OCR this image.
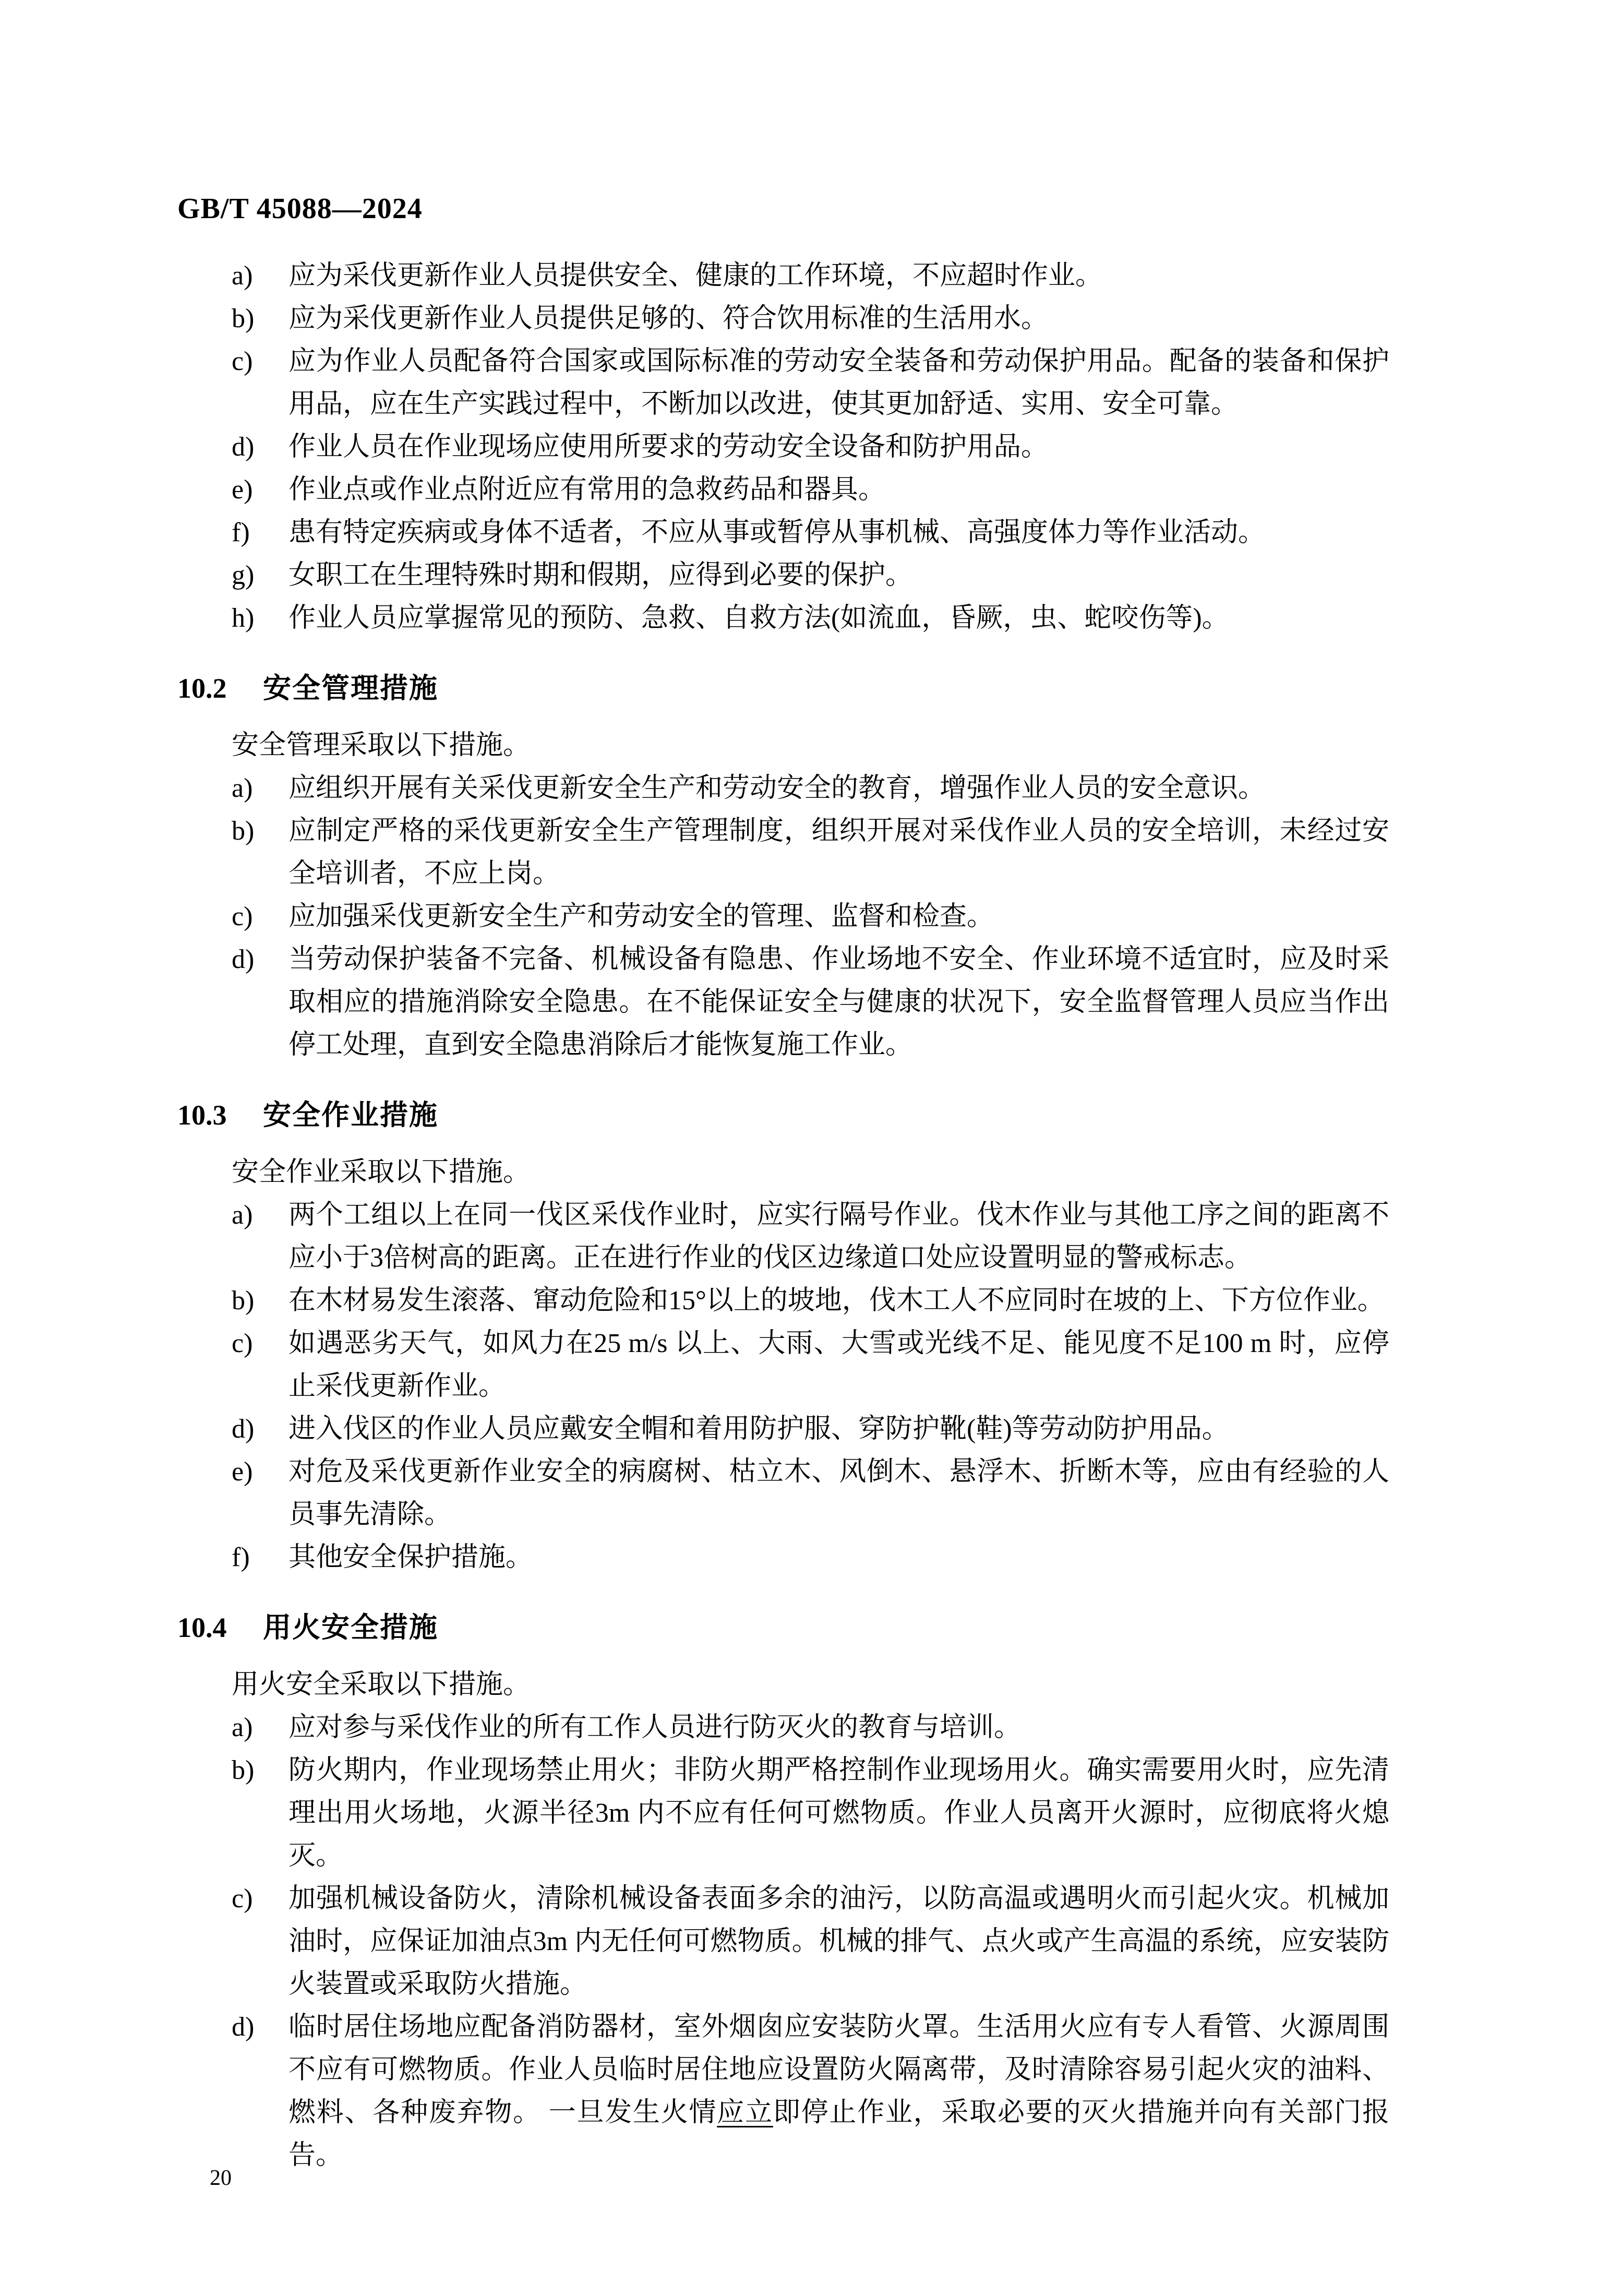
GB/T 45088—2024
a)	应为采伐更新作业人员提供安全、健康的工作环境，不应超时作业。
b)	应为采伐更新作业人员提供足够的、符合饮用标准的生活用水。
c)	应为作业人员配备符合国家或国际标准的劳动安全装备和劳动保护用品。配备的装备和保护用品，应在生产实践过程中，不断加以改进，使其更加舒适、实用、安全可靠。
d)	作业人员在作业现场应使用所要求的劳动安全设备和防护用品。
e)	作业点或作业点附近应有常用的急救药品和器具。
f)	患有特定疾病或身体不适者，不应从事或暂停从事机械、高强度体力等作业活动。
g)	女职工在生理特殊时期和假期，应得到必要的保护。
h)	作业人员应掌握常见的预防、急救、自救方法(如流血，昏厥，虫、蛇咬伤等)。
10.2 安全管理措施
安全管理采取以下措施。
a)	应组织开展有关采伐更新安全生产和劳动安全的教育，增强作业人员的安全意识。
b)	应制定严格的采伐更新安全生产管理制度，组织开展对采伐作业人员的安全培训，未经过安全培训者，不应上岗。
c)	应加强采伐更新安全生产和劳动安全的管理、监督和检查。
d)	当劳动保护装备不完备、机械设备有隐患、作业场地不安全、作业环境不适宜时，应及时采取相应的措施消除安全隐患。在不能保证安全与健康的状况下，安全监督管理人员应当作出停工处理，直到安全隐患消除后才能恢复施工作业。
10.3 安全作业措施
安全作业采取以下措施。
a)	两个工组以上在同一伐区采伐作业时，应实行隔号作业。伐木作业与其他工序之间的距离不应小于3倍树高的距离。正在进行作业的伐区边缘道口处应设置明显的警戒标志。
b)	在木材易发生滚落、窜动危险和15°以上的坡地，伐木工人不应同时在坡的上、下方位作业。
c)	如遇恶劣天气，如风力在25 m/s 以上、大雨、大雪或光线不足、能见度不足100 m 时，应停止采伐更新作业。
d)	进入伐区的作业人员应戴安全帽和着用防护服、穿防护靴(鞋)等劳动防护用品。
e)	对危及采伐更新作业安全的病腐树、枯立木、风倒木、悬浮木、折断木等，应由有经验的人员事先清除。
f)	其他安全保护措施。
10.4 用火安全措施
用火安全采取以下措施。
a)	应对参与采伐作业的所有工作人员进行防灭火的教育与培训。
b)	防火期内，作业现场禁止用火；非防火期严格控制作业现场用火。确实需要用火时，应先清理出用火场地，火源半径3m 内不应有任何可燃物质。作业人员离开火源时，应彻底将火熄灭。
c)	加强机械设备防火，清除机械设备表面多余的油污，以防高温或遇明火而引起火灾。机械加油时，应保证加油点3m 内无任何可燃物质。机械的排气、点火或产生高温的系统，应安装防火装置或采取防火措施。
d)	临时居住场地应配备消防器材，室外烟囱应安装防火罩。生活用火应有专人看管、火源周围不应有可燃物质。作业人员临时居住地应设置防火隔离带，及时清除容易引起火灾的油料、燃料、各种废弃物。 一旦发生火情应立即停止作业，采取必要的灭火措施并向有关部门报告。
20
